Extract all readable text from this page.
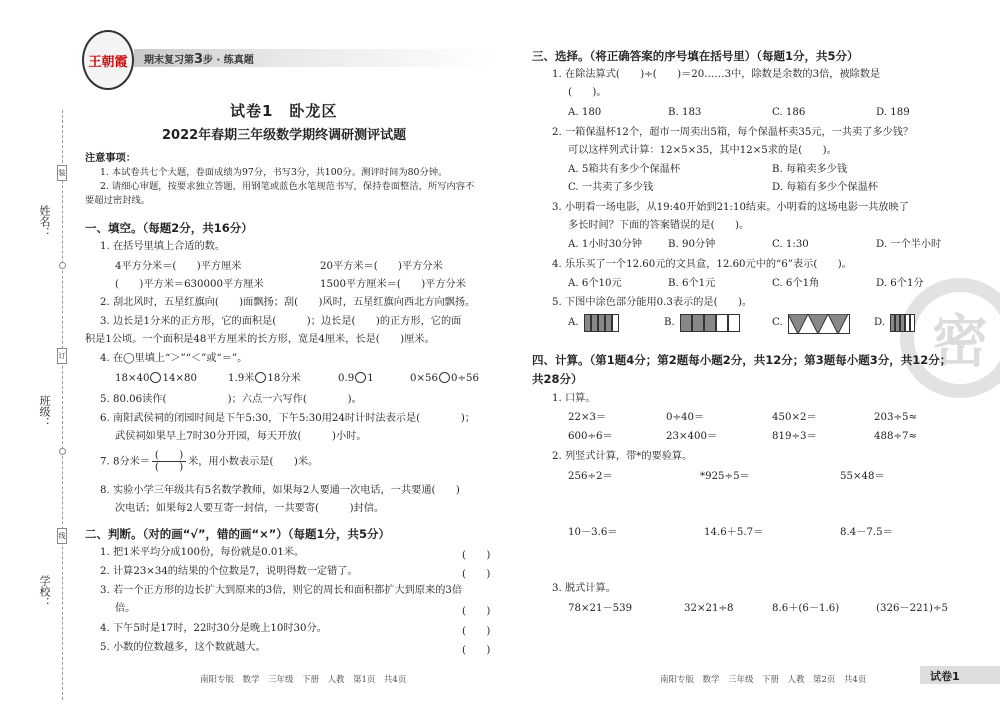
姓名：
班级：
学校：
装
订
线
王朝霞 期末复习第3步 · 练真题
试卷1　卧龙区
2022年春期三年级数学期终调研测评试题
注意事项：
1. 本试卷共七个大题，卷面成绩为97分，书写3分，共100分。测评时间为80分钟。
2. 请细心审题，按要求独立答题，用钢笔或蓝色水笔规范书写，保持卷面整洁，所写内容不
要超过密封线。
一、填空。（每题2分，共16分）
1. 在括号里填上合适的数。
4平方分米＝(　　)平方厘米	20平方米＝(　　)平方分米
(　　)平方米＝630000平方厘米	1500平方厘米＝(　　)平方分米
2. 刮北风时，五星红旗向(　　)面飘扬；刮(　　)风时，五星红旗向西北方向飘扬。
3. 边长是1分米的正方形，它的面积是(　　　)；边长是(　　)的正方形，它的面
积是1公顷。一个面积是48平方厘米的长方形，宽是4厘米，长是(　　)厘米。
4. 在◯里填上“＞”“＜”或“＝”。
18×40 14×80	1.9米 18分米	0.9 1	0×56 0÷56
5. 80.06读作(　　　　　　)；六点一六写作(　　　　)。
6. 南阳武侯祠的闭园时间是下午5:30，下午5:30用24时计时法表示是(　　　　)；
武侯祠如果早上7时30分开园，每天开放(　　　)小时。
7. 8分米＝ $\frac{( )}{( )}$ 米，用小数表示是(　　)米。
8. 实验小学三年级共有5名数学教师，如果每2人要通一次电话，一共要通(　　)
次电话；如果每2人要互寄一封信，一共要寄(　　　)封信。
二、判断。（对的画“√”，错的画“×”）（每题1分，共5分）
1. 把1米平均分成100份，每份就是0.01米。	(　　)
2. 计算23×34的结果的个位数是7，说明得数一定错了。	(　　)
3. 若一个正方形的边长扩大到原来的3倍，则它的周长和面积都扩大到原来的3倍
倍。	(　　)
4. 下午5时是17时，22时30分是晚上10时30分。	(　　)
5. 小数的位数越多，这个数就越大。	(　　)
南阳专版　数学　三年级　下册　人教　第1页　共4页
密
三、选择。（将正确答案的序号填在括号里）（每题1分，共5分）
1. 在除法算式(　　)÷(　　)＝20……3中，除数是余数的3倍，被除数是
(　　)。
A. 180	B. 183	C. 186	D. 189
2. 一箱保温杯12个，超市一周卖出5箱，每个保温杯卖35元，一共卖了多少钱？
可以这样列式计算：12×5×35，其中12×5求的是(　　)。
A. 5箱共有多少个保温杯	B. 每箱卖多少钱
C. 一共卖了多少钱	D. 每箱有多少个保温杯
3. 小明看一场电影，从19:40开始到21:10结束。小明看的这场电影一共放映了
多长时间？下面的答案错误的是(　　)。
A. 1小时30分钟	B. 90分钟	C. 1:30	D. 一个半小时
4. 乐乐买了一个12.60元的文具盒，12.60元中的“6”表示(　　)。
A. 6个10元	B. 6个1元	C. 6个1角	D. 6个1分
5. 下图中涂色部分能用0.3表示的是(　　)。
A.	B.	C.	D.
四、计算。（第1题4分；第2题每小题2分，共12分；第3题每小题3分，共12分；
共28分）
1. 口算。
22×3＝	0÷40＝	450×2＝	203÷5≈
600÷6＝	23×400＝	819÷3＝	488÷7≈
2. 列竖式计算，带*的要验算。
256÷2＝	*925÷5＝	55×48＝
10－3.6＝	14.6＋5.7＝	8.4－7.5＝
3. 脱式计算。
78×21－539	32×21÷8	8.6＋(6－1.6)	(326－221)÷5
南阳专版　数学　三年级　下册　人教　第2页　共4页	试卷1
